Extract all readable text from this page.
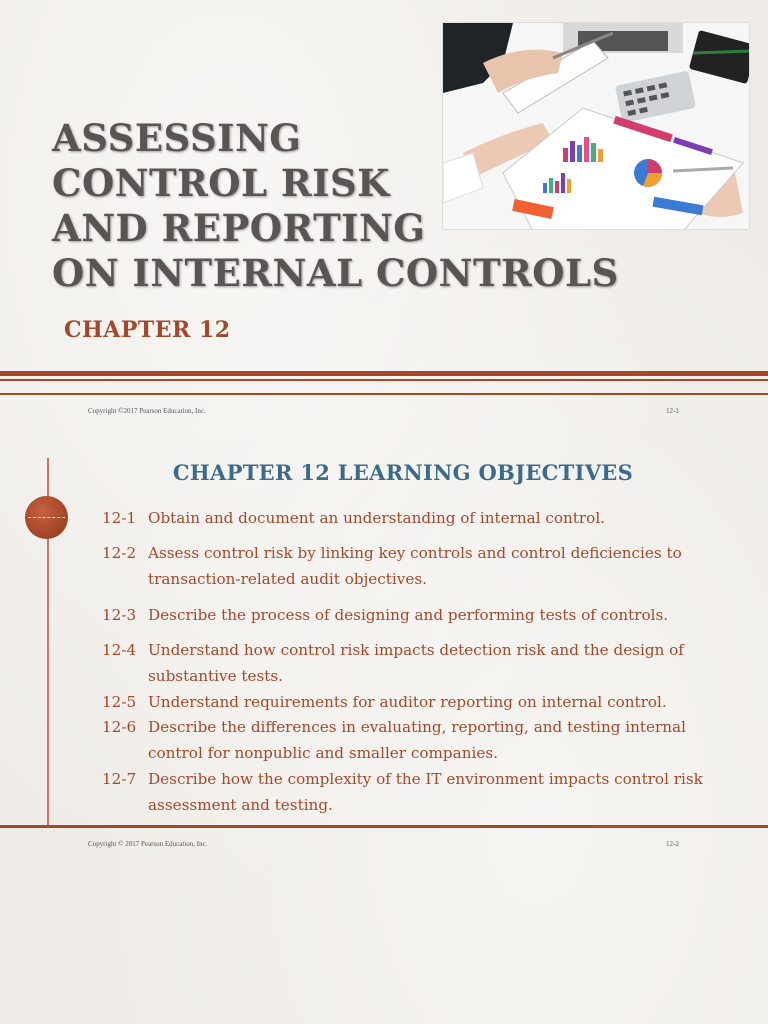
ASSESSING
CONTROL RISK
AND REPORTING
ON INTERNAL CONTROLS
CHAPTER 12
Copyright ©2017 Pearson Education, Inc.	12-1
CHAPTER 12 LEARNING OBJECTIVES
12-1 Obtain and document an understanding of internal control.
12-2 Assess control risk by linking key controls and control deficiencies to transaction-related audit objectives.
12-3 Describe the process of designing and performing tests of controls.
12-4 Understand how control risk impacts detection risk and the design of substantive tests.
12-5 Understand requirements for auditor reporting on internal control.
12-6 Describe the differences in evaluating, reporting, and testing internal control for nonpublic and smaller companies.
12-7 Describe how the complexity of the IT environment impacts control risk assessment and testing.
Copyright © 2017 Pearson Education, Inc.	12-2
